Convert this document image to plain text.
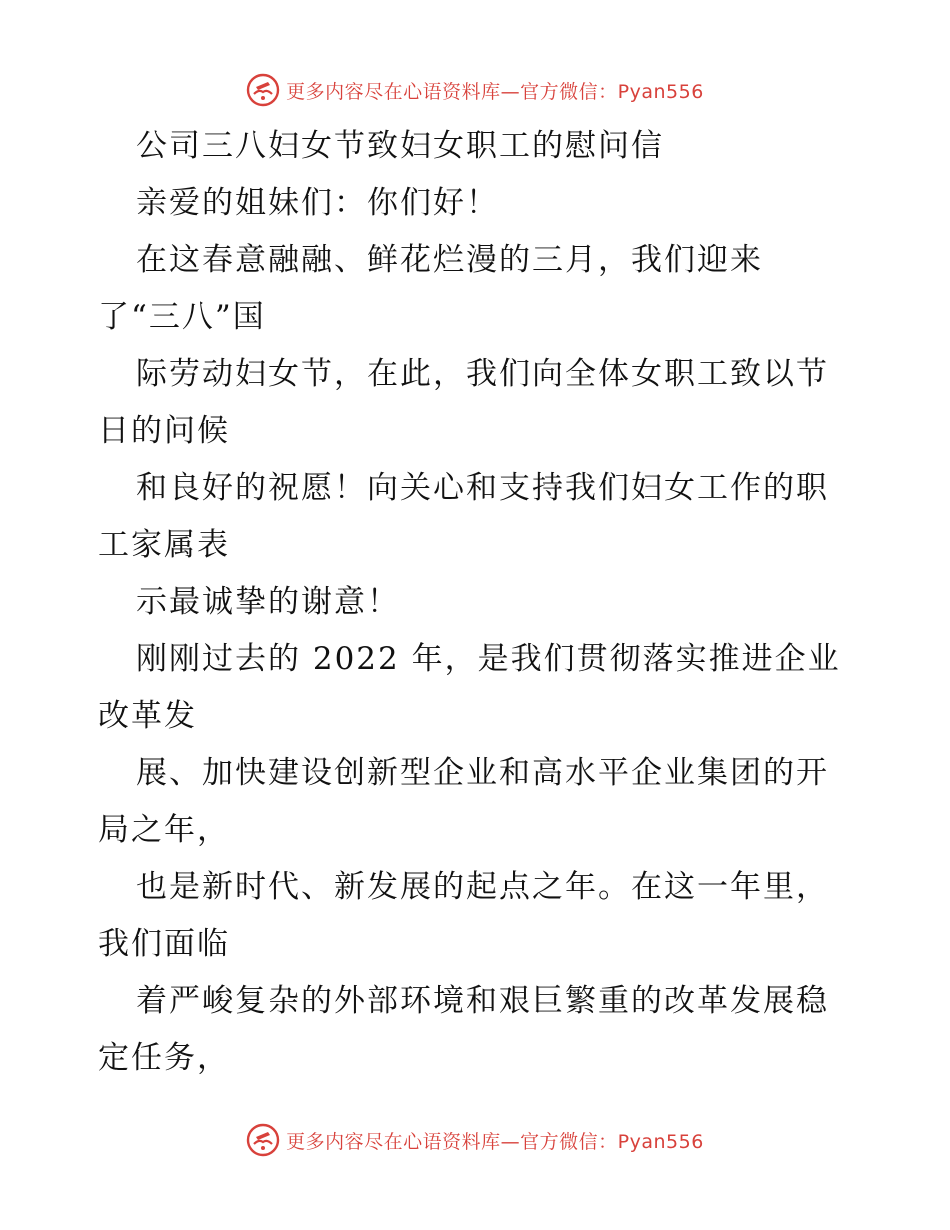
更多内容尽在心语资料库—官方微信：Pyan556
公司三八妇女节致妇女职工的慰问信
亲爱的姐妹们：你们好！
在这春意融融、鲜花烂漫的三月，我们迎来
了“三八”国
际劳动妇女节，在此，我们向全体女职工致以节
日的问候
和良好的祝愿！向关心和支持我们妇女工作的职
工家属表
示最诚挚的谢意！
刚刚过去的 2022 年，是我们贯彻落实推进企业
改革发
展、加快建设创新型企业和高水平企业集团的开
局之年，
也是新时代、新发展的起点之年。在这一年里，
我们面临
着严峻复杂的外部环境和艰巨繁重的改革发展稳
定任务，
更多内容尽在心语资料库—官方微信：Pyan556
